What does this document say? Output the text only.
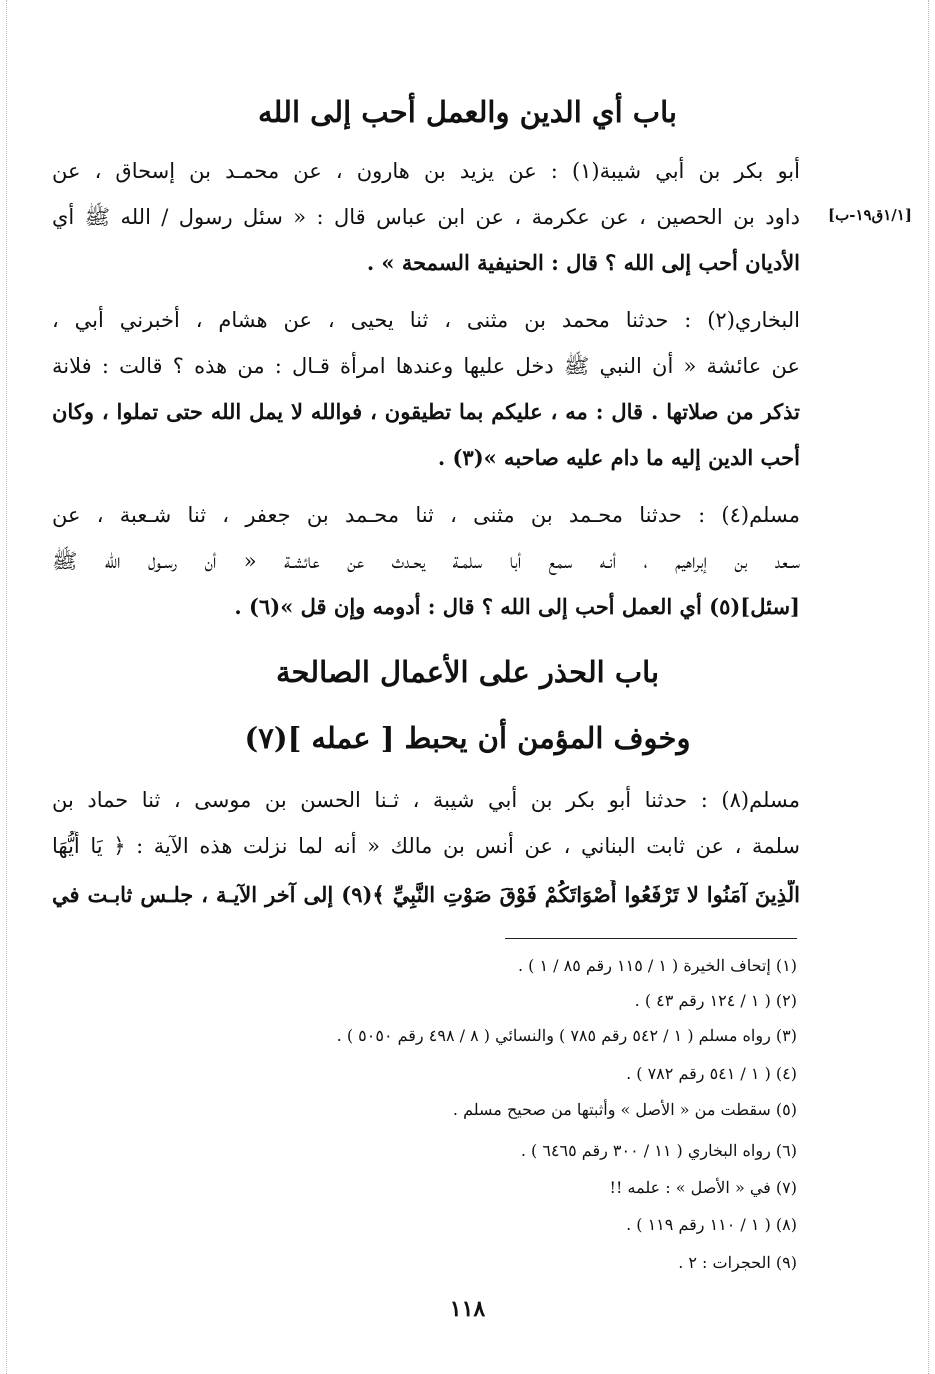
باب أي الدين والعمل أحب إلى الله
أبو بكر بن أبي شيبة(١) : عن يزيد بن هارون ، عن محمـد بن إسحاق ، عن
داود بن الحصين ، عن عكرمة ، عن ابن عباس قال : « سئل رسول / الله ﷺ أي	[١/١ق١٩-ب]
الأديان أحب إلى الله ؟ قال : الحنيفية السمحة » .
البخاري(٢) : حدثنا محمد بن مثنى ، ثنا يحيى ، عن هشام ، أخبرني أبي ،
عن عائشة « أن النبي ﷺ دخل عليها وعندها امرأة قـال : من هذه ؟ قالت : فلانة
تذكر من صلاتها . قال : مه ، عليكم بما تطيقون ، فوالله لا يمل الله حتى تملوا ، وكان
أحب الدين إليه ما دام عليه صاحبه »(٣) .
مسلم(٤) : حدثنا محـمد بن مثنى ، ثنا محـمد بن جعفر ، ثنا شـعبة ، عن
سـعد بن إبراهيم ، أنـه سمع أبا سلمـة يحـدث عن عائشـة « أن رسـول الله ﷺ
[سئل](٥) أي العمل أحب إلى الله ؟ قال : أدومه وإن قل »(٦) .
باب الحذر على الأعمال الصالحة
وخوف المؤمن أن يحبط [ عمله ](٧)
مسلم(٨) : حدثنا أبو بكر بن أبي شيبة ، ثـنا الحسن بن موسى ، ثنا حماد بن
سلمة ، عن ثابت البناني ، عن أنس بن مالك « أنه لما نزلت هذه الآية : ﴿ يَا أَيُّهَا
الَّذِينَ آمَنُوا لا تَرْفَعُوا أَصْوَاتَكُمْ فَوْقَ صَوْتِ النَّبِيِّ ﴾(٩) إلى آخر الآيـة ، جلـس ثابـت في
(١) إتحاف الخيرة ( ١ / ١١٥ رقم ٨٥ / ١ ) .
(٢) ( ١ / ١٢٤ رقم ٤٣ ) .
(٣) رواه مسلم ( ١ / ٥٤٢ رقم ٧٨٥ ) والنسائي ( ٨ / ٤٩٨ رقم ٥٠٥٠ ) .
(٤) ( ١ / ٥٤١ رقم ٧٨٢ ) .
(٥) سقطت من « الأصل » وأثبتها من صحيح مسلم .
(٦) رواه البخاري ( ١١ / ٣٠٠ رقم ٦٤٦٥ ) .
(٧) في « الأصل » : علمه !!
(٨) ( ١ / ١١٠ رقم ١١٩ ) .
(٩) الحجرات : ٢ .
١١٨
